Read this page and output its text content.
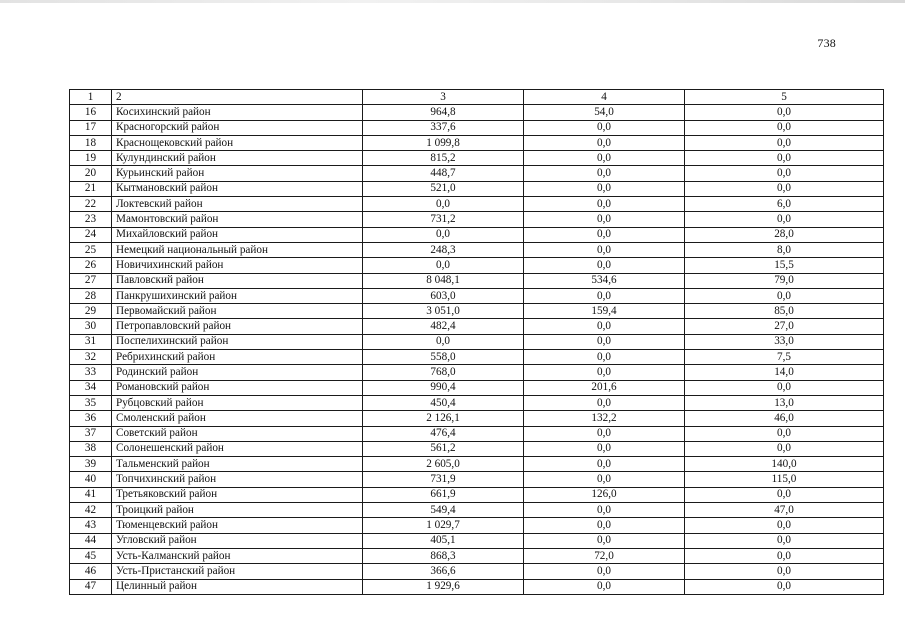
738
1	2	3	4	5
16	Косихинский район	964,8	54,0	0,0
17	Красногорский район	337,6	0,0	0,0
18	Краснощековский район	1 099,8	0,0	0,0
19	Кулундинский район	815,2	0,0	0,0
20	Курьинский район	448,7	0,0	0,0
21	Кытмановский район	521,0	0,0	0,0
22	Локтевский район	0,0	0,0	6,0
23	Мамонтовский район	731,2	0,0	0,0
24	Михайловский район	0,0	0,0	28,0
25	Немецкий национальный район	248,3	0,0	8,0
26	Новичихинский район	0,0	0,0	15,5
27	Павловский район	8 048,1	534,6	79,0
28	Панкрушихинский район	603,0	0,0	0,0
29	Первомайский район	3 051,0	159,4	85,0
30	Петропавловский район	482,4	0,0	27,0
31	Поспелихинский район	0,0	0,0	33,0
32	Ребрихинский район	558,0	0,0	7,5
33	Родинский район	768,0	0,0	14,0
34	Романовский район	990,4	201,6	0,0
35	Рубцовский район	450,4	0,0	13,0
36	Смоленский район	2 126,1	132,2	46,0
37	Советский район	476,4	0,0	0,0
38	Солонешенский район	561,2	0,0	0,0
39	Тальменский район	2 605,0	0,0	140,0
40	Топчихинский район	731,9	0,0	115,0
41	Третьяковский район	661,9	126,0	0,0
42	Троицкий район	549,4	0,0	47,0
43	Тюменцевский район	1 029,7	0,0	0,0
44	Угловский район	405,1	0,0	0,0
45	Усть-Калманский район	868,3	72,0	0,0
46	Усть-Пристанский район	366,6	0,0	0,0
47	Целинный район	1 929,6	0,0	0,0
